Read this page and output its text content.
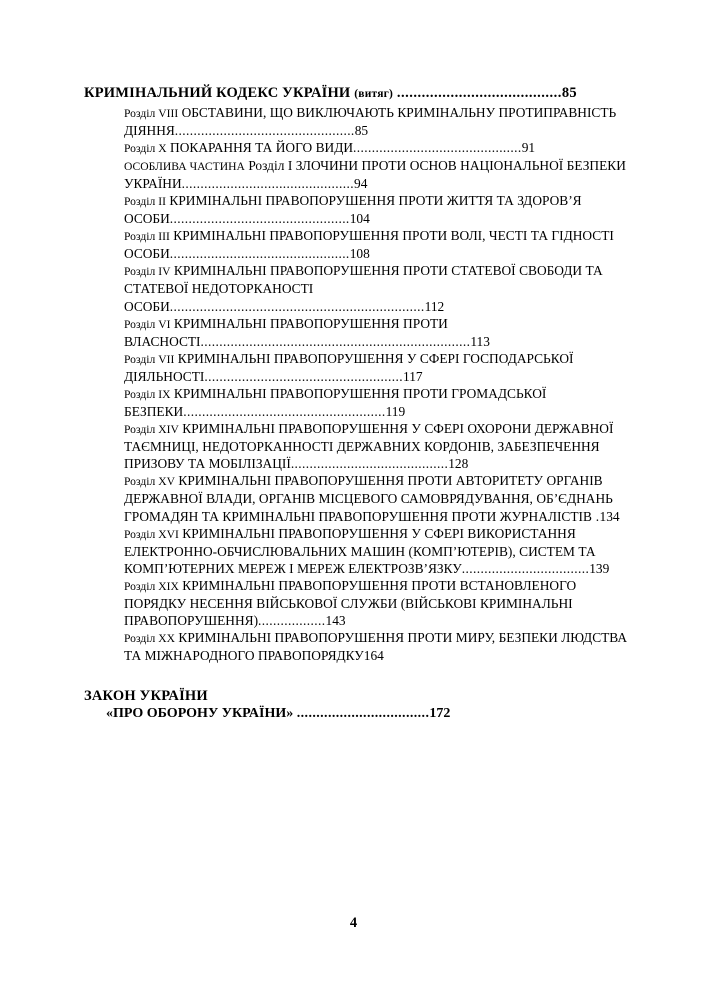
КРИМІНАЛЬНИЙ КОДЕКС УКРАЇНИ (витяг) ........................................85

Розділ VIII ОБСТАВИНИ, ЩО ВИКЛЮЧАЮТЬ КРИМІНАЛЬНУ ПРОТИПРАВНІСТЬ ДІЯННЯ................................................85

Розділ X ПОКАРАННЯ ТА ЙОГО ВИДИ.............................................91

ОСОБЛИВА ЧАСТИНА Розділ I ЗЛОЧИНИ ПРОТИ ОСНОВ НАЦІОНАЛЬНОЇ БЕЗПЕКИ УКРАЇНИ..............................................94

Розділ II КРИМІНАЛЬНІ ПРАВОПОРУШЕННЯ ПРОТИ ЖИТТЯ ТА ЗДОРОВ’Я ОСОБИ................................................104

Розділ III КРИМІНАЛЬНІ ПРАВОПОРУШЕННЯ ПРОТИ ВОЛІ, ЧЕСТІ ТА ГІДНОСТІ ОСОБИ................................................108

Розділ IV КРИМІНАЛЬНІ ПРАВОПОРУШЕННЯ ПРОТИ СТАТЕВОЇ СВОБОДИ ТА СТАТЕВОЇ НЕДОТОРКАНОСТІ ОСОБИ....................................................................112

Розділ VI КРИМІНАЛЬНІ ПРАВОПОРУШЕННЯ ПРОТИ ВЛАСНОСТІ........................................................................113

Розділ VII КРИМІНАЛЬНІ ПРАВОПОРУШЕННЯ У СФЕРІ ГОСПОДАРСЬКОЇ ДІЯЛЬНОСТІ.....................................................117

Розділ IX КРИМІНАЛЬНІ ПРАВОПОРУШЕННЯ ПРОТИ ГРОМАДСЬКОЇ БЕЗПЕКИ......................................................119

Розділ XIV КРИМІНАЛЬНІ ПРАВОПОРУШЕННЯ У СФЕРІ ОХОРОНИ ДЕРЖАВНОЇ ТАЄМНИЦІ, НЕДОТОРКАННОСТІ ДЕРЖАВНИХ КОРДОНІВ, ЗАБЕЗПЕЧЕННЯ ПРИЗОВУ ТА МОБІЛІЗАЦІЇ..........................................128

Розділ XV КРИМІНАЛЬНІ ПРАВОПОРУШЕННЯ ПРОТИ АВТОРИТЕТУ ОРГАНІВ ДЕРЖАВНОЇ ВЛАДИ, ОРГАНІВ МІСЦЕВОГО САМОВРЯДУВАННЯ, ОБ’ЄДНАНЬ ГРОМАДЯН ТА КРИМІНАЛЬНІ ПРАВОПОРУШЕННЯ ПРОТИ ЖУРНАЛІСТІВ .134

Розділ XVI КРИМІНАЛЬНІ ПРАВОПОРУШЕННЯ У СФЕРІ ВИКОРИСТАННЯ ЕЛЕКТРОННО-ОБЧИСЛЮВАЛЬНИХ МАШИН (КОМП’ЮТЕРІВ), СИСТЕМ ТА КОМП’ЮТЕРНИХ МЕРЕЖ І МЕРЕЖ ЕЛЕКТРОЗВ’ЯЗКУ..................................139

Розділ XIX КРИМІНАЛЬНІ ПРАВОПОРУШЕННЯ ПРОТИ ВСТАНОВЛЕНОГО ПОРЯДКУ НЕСЕННЯ ВІЙСЬКОВОЇ СЛУЖБИ (ВІЙСЬКОВІ КРИМІНАЛЬНІ ПРАВОПОРУШЕННЯ)..................143

Розділ XX КРИМІНАЛЬНІ ПРАВОПОРУШЕННЯ ПРОТИ МИРУ, БЕЗПЕКИ ЛЮДСТВА ТА МІЖНАРОДНОГО ПРАВОПОРЯДКУ164

ЗАКОН УКРАЇНИ
«ПРО ОБОРОНУ УКРАЇНИ» ..................................172
4
